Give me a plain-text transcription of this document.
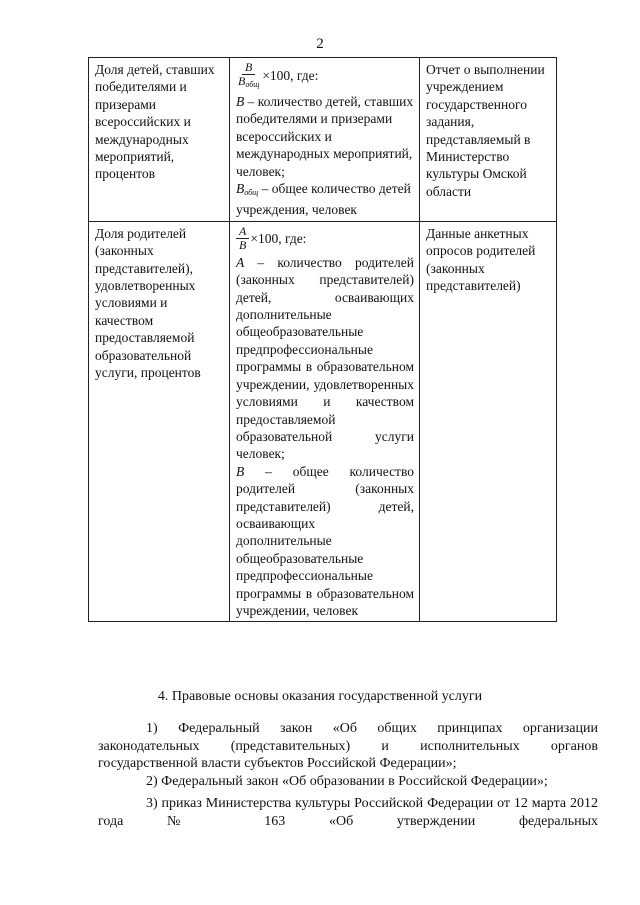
2
Доля детей, ставших победителями и призерами всероссийских и международных мероприятий, процентов	$\frac{B}{B_{общ}} \times 100$, где:
B – количество детей, ставших победителями и призерами всероссийских и международных мероприятий, человек;
$B_{общ}$ – общее количество детей учреждения, человек	Отчет о выполнении учреждением государственного задания, представляемый в Министерство культуры Омской области
Доля родителей (законных представителей), удовлетворенных условиями и качеством предоставляемой образовательной услуги, процентов	$\frac{A}{B} \times 100$, где:
A – количество родителей (законных представителей) детей, осваивающих дополнительные общеобразовательные предпрофессиональные программы в образовательном учреждении, удовлетворенных условиями и качеством предоставляемой образовательной услуги человек;
B – общее количество родителей (законных представителей) детей, осваивающих дополнительные общеобразовательные предпрофессиональные программы в образовательном учреждении, человек	Данные анкетных опросов родителей (законных представителей)
4. Правовые основы оказания государственной услуги
1) Федеральный закон «Об общих принципах организации законодательных (представительных) и исполнительных органов
государственной власти субъектов Российской Федерации»;
2) Федеральный закон «Об образовании в Российской Федерации»;
3) приказ Министерства культуры Российской Федерации от 12 марта 2012 года № 163 «Об утверждении федеральных
